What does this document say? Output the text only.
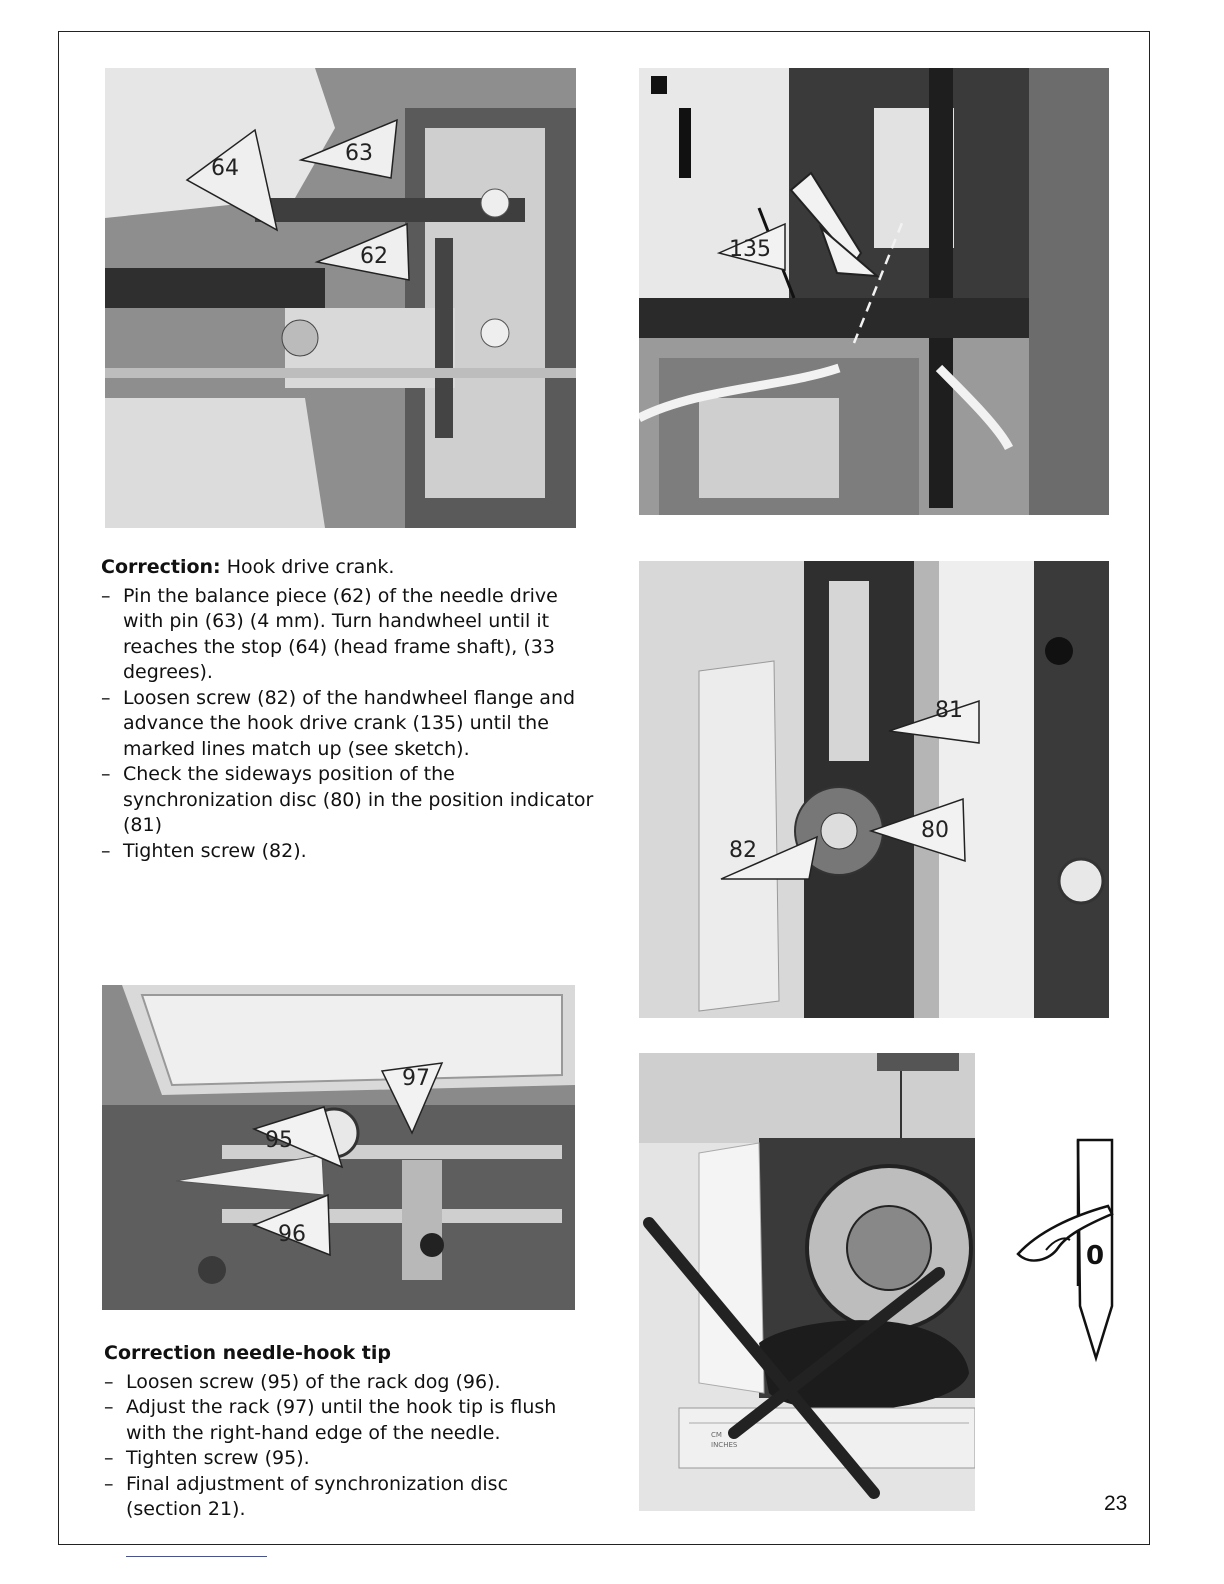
64
63
62	135
81
82
80
97
95
96
CM
INCHES
Correction: Hook drive crank.
– Pin the balance piece (62) of the needle drive with pin (63) (4 mm). Turn handwheel until it reaches the stop (64) (head frame shaft), (33 degrees).
– Loosen screw (82) of the handwheel flange and advance the hook drive crank (135) until the marked lines match up (see sketch).
– Check the sideways position of the synchronization disc (80) in the position indicator (81)
– Tighten screw (82).
Correction needle-hook tip
– Loosen screw (95) of the rack dog (96).
– Adjust the rack (97) until the hook tip is flush with the right-hand edge of the needle.
– Tighten screw (95).
– Final adjustment of synchronization disc (section 21).
0
23
